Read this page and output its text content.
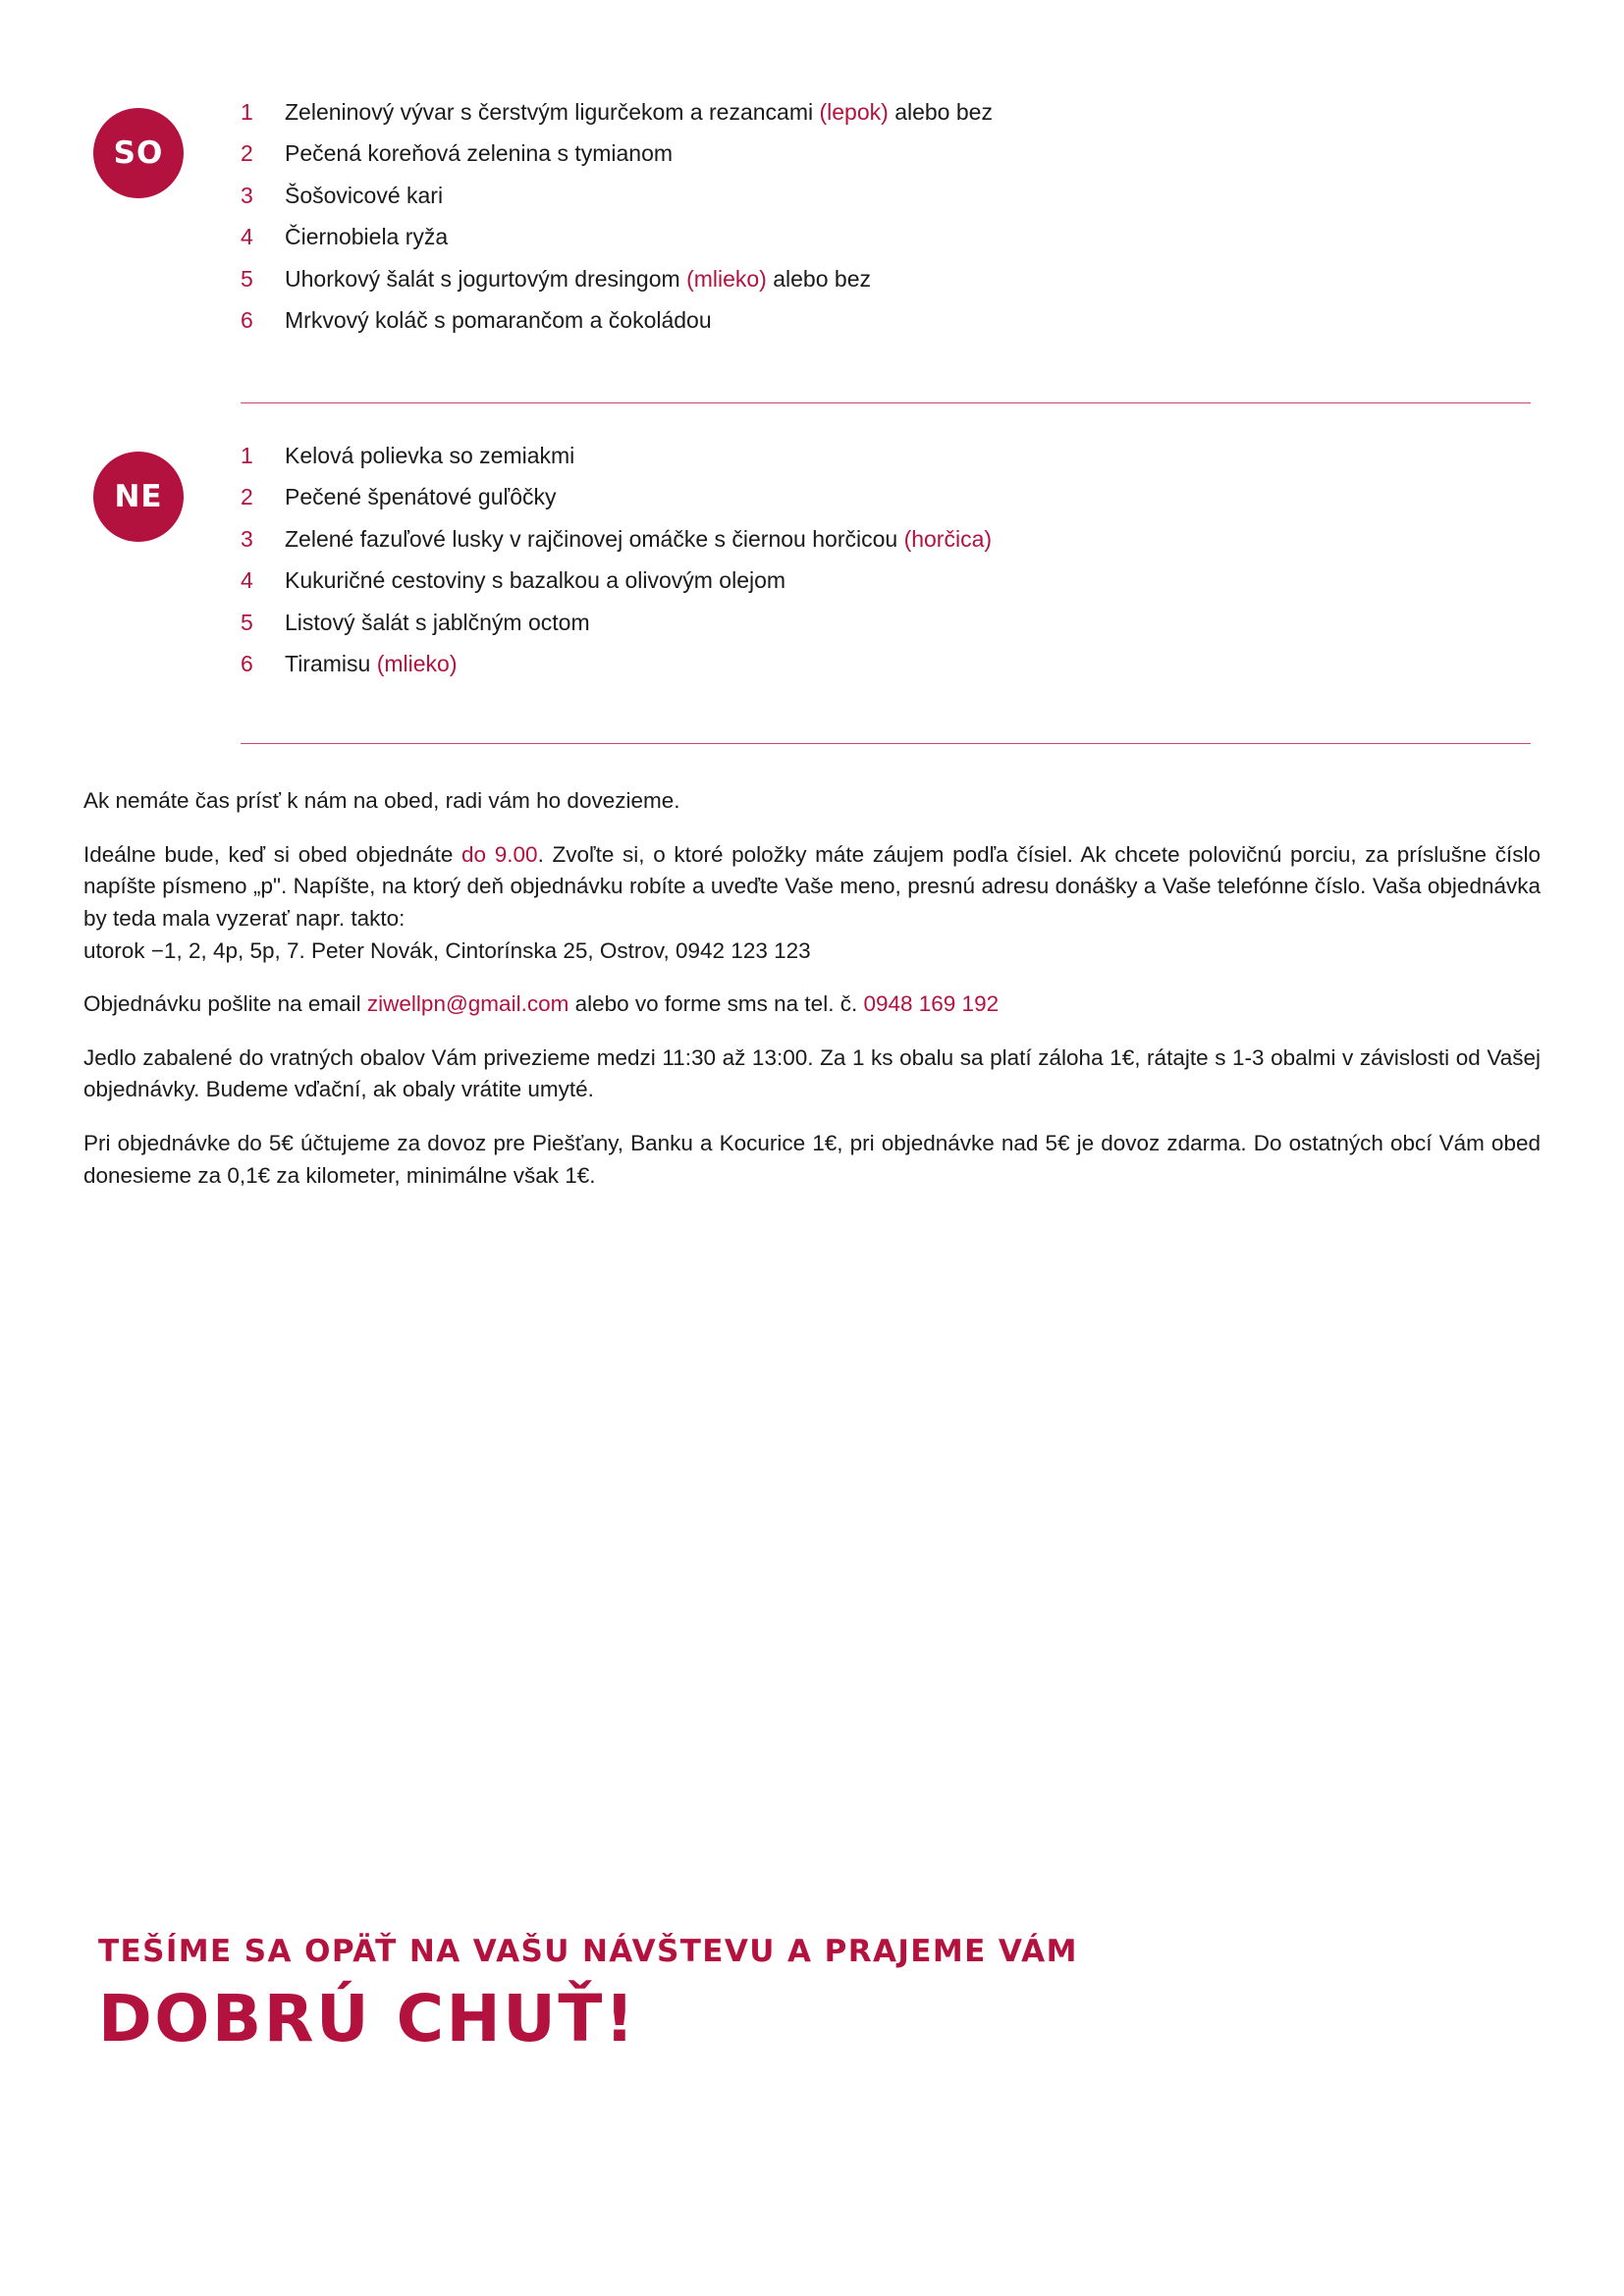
SO
1	Zeleninový vývar s čerstvým ligurčekom a rezancami (lepok) alebo bez
2	Pečená koreňová zelenina s tymianom
3	Šošovicové kari
4	Čiernobiela ryža
5	Uhorkový šalát s jogurtovým dresingom (mlieko) alebo bez
6	Mrkvový koláč s pomarančom a čokoládou
NE
1	Kelová polievka so zemiakmi
2	Pečené špenátové guľôčky
3	Zelené fazuľové lusky v rajčinovej omáčke s čiernou horčicou (horčica)
4	Kukuričné cestoviny s bazalkou a olivovým olejom
5	Listový šalát s jablčným octom
6	Tiramisu (mlieko)

Ak nemáte čas prísť k nám na obed, radi vám ho dovezieme.

Ideálne bude, keď si obed objednáte do 9.00. Zvoľte si, o ktoré položky máte záujem podľa čísiel. Ak chcete polovičnú porciu, za príslušne číslo napíšte písmeno „p". Napíšte, na ktorý deň objednávku robíte a uveďte Vaše meno, presnú adresu donášky a Vaše telefónne číslo. Vaša objednávka by teda mala vyzerať napr. takto:
utorok −1, 2, 4p, 5p, 7. Peter Novák, Cintorínska 25, Ostrov, 0942 123 123

Objednávku pošlite na email ziwellpn@gmail.com alebo vo forme sms na tel. č. 0948 169 192

Jedlo zabalené do vratných obalov Vám privezieme medzi 11:30 až 13:00. Za 1 ks obalu sa platí záloha 1€, rátajte s 1-3 obalmi v závislosti od Vašej objednávky. Budeme vďační, ak obaly vrátite umyté.

Pri objednávke do 5€ účtujeme za dovoz pre Piešťany, Banku a Kocurice 1€, pri objednávke nad 5€ je dovoz zdarma. Do ostatných obcí Vám obed donesieme za 0,1€ za kilometer, minimálne však 1€.

TEŠÍME SA OPÄŤ NA VAŠU NÁVŠTEVU A PRAJEME VÁM
DOBRÚ CHUŤ!
